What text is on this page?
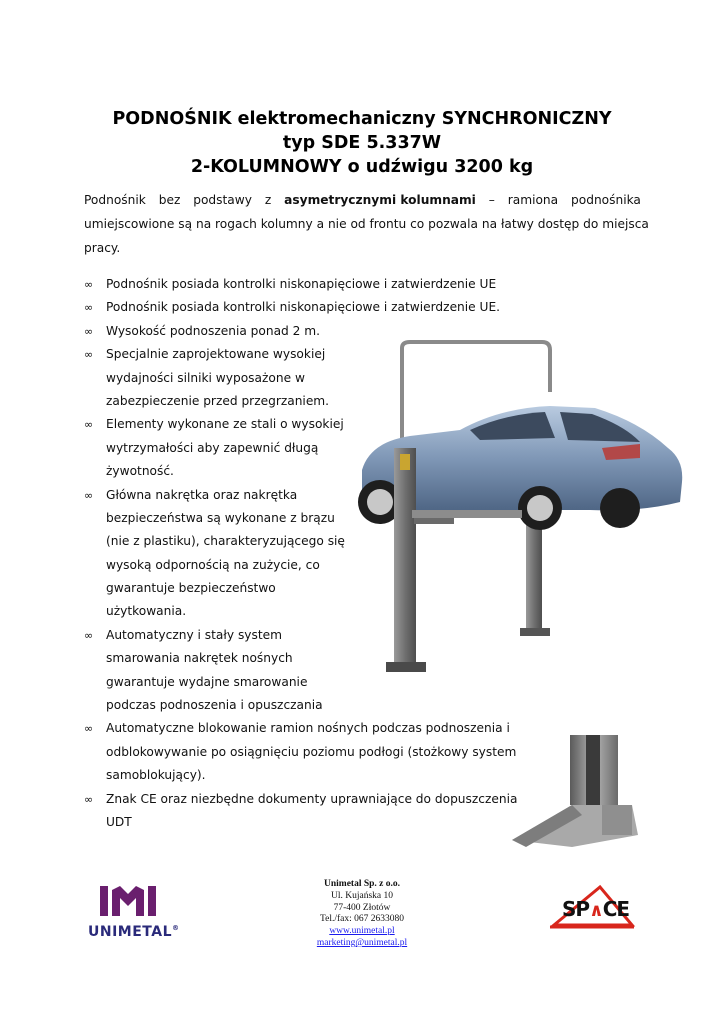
PODNOŚNIK elektromechaniczny SYNCHRONICZNY
typ SDE 5.337W
2-KOLUMNOWY o udźwigu 3200 kg
Podnośnik bez podstawy z asymetrycznymi kolumnami – ramiona podnośnika
umiejscowione są na rogach kolumny a nie od frontu co pozwala na łatwy dostęp do miejsca
pracy.
∞	Podnośnik posiada kontrolki niskonapięciowe i zatwierdzenie UE
∞	Podnośnik posiada kontrolki niskonapięciowe i zatwierdzenie UE.
∞	Wysokość podnoszenia ponad 2 m.
∞	Specjalnie zaprojektowane wysokiej
wydajności silniki wyposażone w
zabezpieczenie przed przegrzaniem.
∞	Elementy wykonane ze stali o wysokiej
wytrzymałości aby zapewnić długą
żywotność.
∞	Główna nakrętka oraz nakrętka
bezpieczeństwa są wykonane z brązu
(nie z plastiku), charakteryzującego się
wysoką odpornością na zużycie, co
gwarantuje bezpieczeństwo
użytkowania.
∞	Automatyczny i stały system
smarowania nakrętek nośnych
gwarantuje wydajne smarowanie
podczas podnoszenia i opuszczania
∞	Automatyczne blokowanie ramion nośnych podczas podnoszenia i
odblokowywanie po osiągnięciu poziomu podłogi (stożkowy system
samoblokujący).
∞	Znak CE oraz niezbędne dokumenty uprawniające do dopuszczenia
UDT
Unimetal Sp. z o.o.
Ul. Kujańska 10
77-400 Złotów
Tel./fax: 067 2633080
www.unimetal.pl
marketing@unimetal.pl
UNIMETAL®
SP∧CE
